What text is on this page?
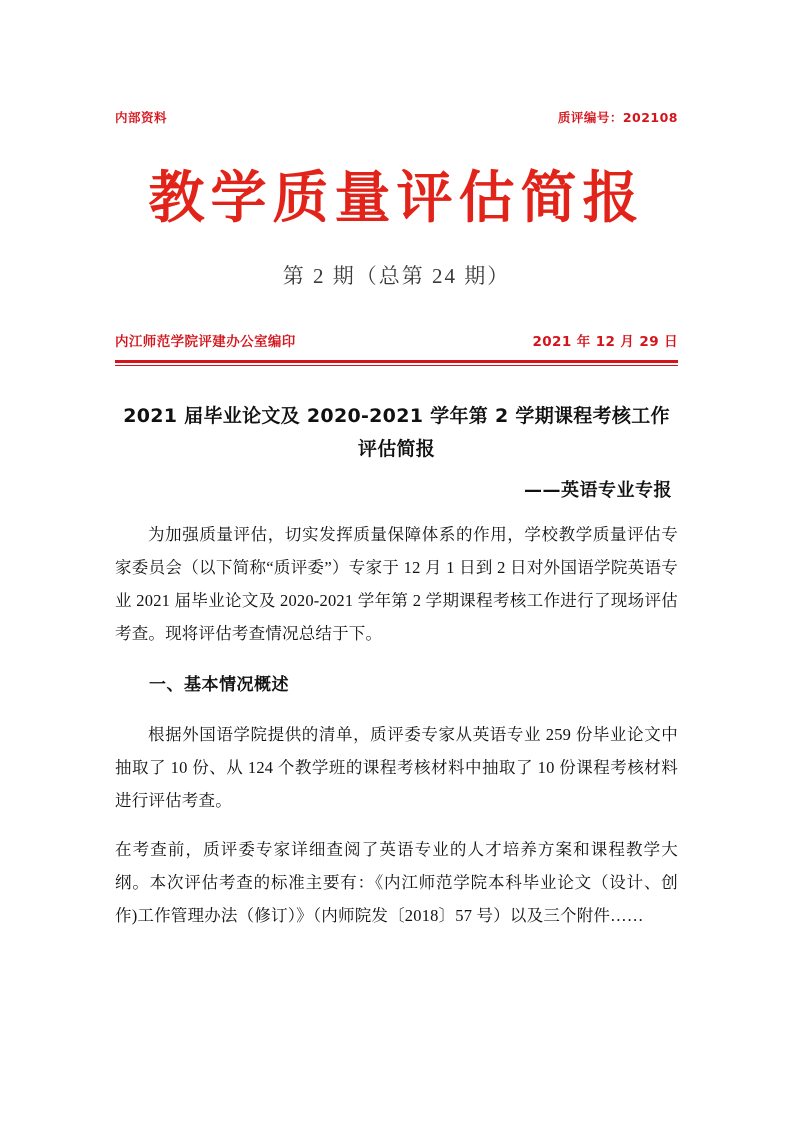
内部资料	质评编号：202108
教学质量评估简报
第 2 期（总第 24 期）
内江师范学院评建办公室编印	2021 年 12 月 29 日
2021 届毕业论文及 2020-2021 学年第 2 学期课程考核工作评估简报
——英语专业专报

为加强质量评估，切实发挥质量保障体系的作用，学校教学质量评估专家委员会（以下简称“质评委”）专家于 12 月 1 日到 2 日对外国语学院英语专业 2021 届毕业论文及 2020-2021 学年第 2 学期课程考核工作进行了现场评估考查。现将评估考查情况总结于下。

一、基本情况概述

根据外国语学院提供的清单，质评委专家从英语专业 259 份毕业论文中抽取了 10 份、从 124 个教学班的课程考核材料中抽取了 10 份课程考核材料进行评估考查。

在考查前，质评委专家详细查阅了英语专业的人才培养方案和课程教学大纲。本次评估考查的标准主要有：《内江师范学院本科毕业论文（设计、创作)工作管理办法（修订）》（内师院发〔2018〕57 号）以及三个附件……
